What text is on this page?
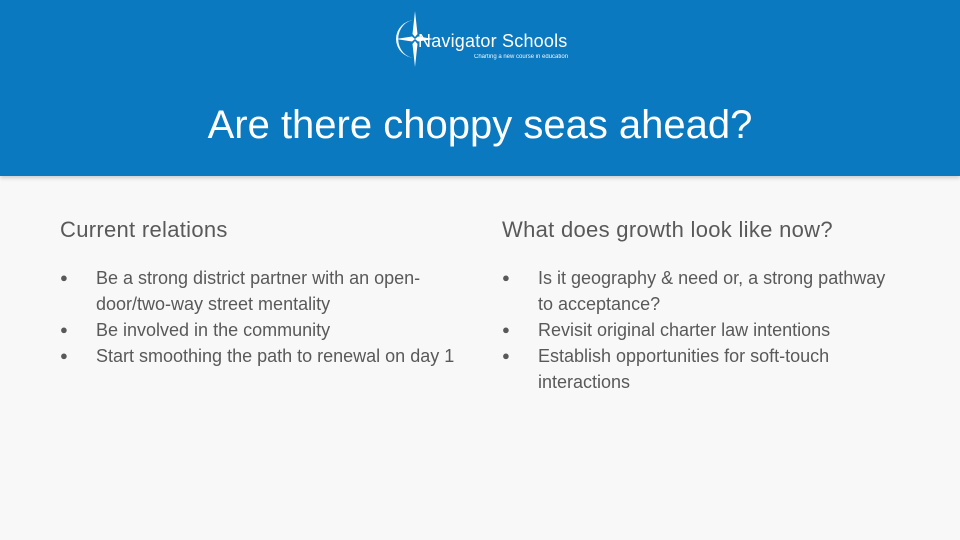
Navigator Schools
Charting a new course in education
Are there choppy seas ahead?
Current relations
●	Be a strong district partner with an open-door/two-way street mentality
●	Be involved in the community
●	Start smoothing the path to renewal on day 1
What does growth look like now?
●	Is it geography & need or, a strong pathway to acceptance?
●	Revisit original charter law intentions
●	Establish opportunities for soft-touch interactions
